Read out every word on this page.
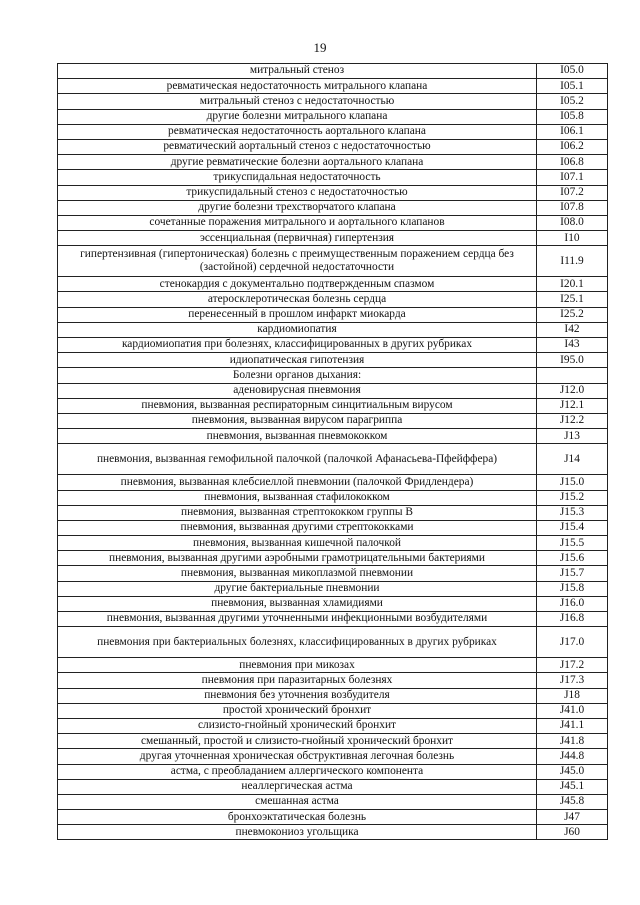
19
митральный стеноз	I05.0
ревматическая недостаточность митрального клапана	I05.1
митральный стеноз с недостаточностью	I05.2
другие болезни митрального клапана	I05.8
ревматическая недостаточность аортального клапана	I06.1
ревматический аортальный стеноз с недостаточностью	I06.2
другие ревматические болезни аортального клапана	I06.8
трикуспидальная недостаточность	I07.1
трикуспидальный стеноз с недостаточностью	I07.2
другие болезни трехстворчатого клапана	I07.8
сочетанные поражения митрального и аортального клапанов	I08.0
эссенциальная (первичная) гипертензия	I10
гипертензивная (гипертоническая) болезнь с преимущественным поражением сердца без (застойной) сердечной недостаточности	I11.9
стенокардия с документально подтвержденным спазмом	I20.1
атеросклеротическая болезнь сердца	I25.1
перенесенный в прошлом инфаркт миокарда	I25.2
кардиомиопатия	I42
кардиомиопатия при болезнях, классифицированных в других рубриках	I43
идиопатическая гипотензия	I95.0
Болезни органов дыхания:	
аденовирусная пневмония	J12.0
пневмония, вызванная респираторным синцитиальным вирусом	J12.1
пневмония, вызванная вирусом парагриппа	J12.2
пневмония, вызванная пневмококком	J13
пневмония, вызванная гемофильной палочкой (палочкой Афанасьева-Пфейффера)	J14
пневмония, вызванная клебсиеллой пневмонии (палочкой Фридлендера)	J15.0
пневмония, вызванная стафилококком	J15.2
пневмония, вызванная стрептококком группы В	J15.3
пневмония, вызванная другими стрептококками	J15.4
пневмония, вызванная кишечной палочкой	J15.5
пневмония, вызванная другими аэробными грамотрицательными бактериями	J15.6
пневмония, вызванная микоплазмой пневмонии	J15.7
другие бактериальные пневмонии	J15.8
пневмония, вызванная хламидиями	J16.0
пневмония, вызванная другими уточненными инфекционными возбудителями	J16.8
пневмония при бактериальных болезнях, классифицированных в других рубриках	J17.0
пневмония при микозах	J17.2
пневмония при паразитарных болезнях	J17.3
пневмония без уточнения возбудителя	J18
простой хронический бронхит	J41.0
слизисто-гнойный хронический бронхит	J41.1
смешанный, простой и слизисто-гнойный хронический бронхит	J41.8
другая уточненная хроническая обструктивная легочная болезнь	J44.8
астма, с преобладанием аллергического компонента	J45.0
неаллергическая астма	J45.1
смешанная астма	J45.8
бронхоэктатическая болезнь	J47
пневмокониоз угольщика	J60
